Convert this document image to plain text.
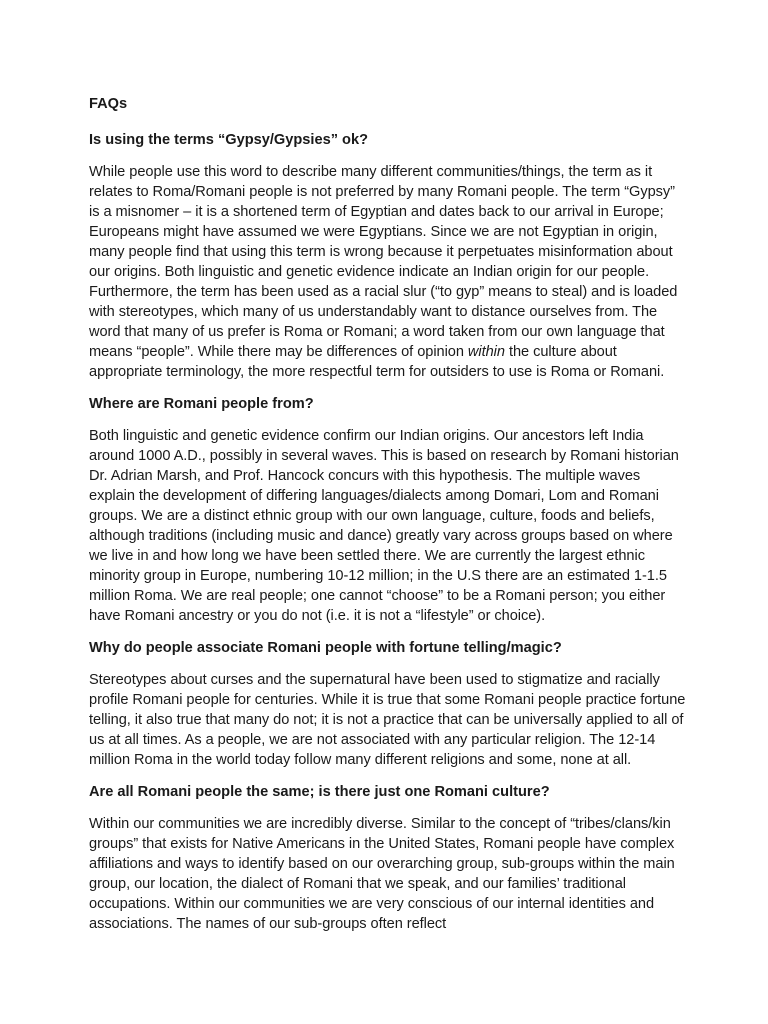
FAQs

Is using the terms “Gypsy/Gypsies” ok?

While people use this word to describe many different communities/things, the term as it relates to Roma/Romani people is not preferred by many Romani people. The term “Gypsy” is a misnomer – it is a shortened term of Egyptian and dates back to our arrival in Europe; Europeans might have assumed we were Egyptians. Since we are not Egyptian in origin, many people find that using this term is wrong because it perpetuates misinformation about our origins. Both linguistic and genetic evidence indicate an Indian origin for our people. Furthermore, the term has been used as a racial slur (“to gyp” means to steal) and is loaded with stereotypes, which many of us understandably want to distance ourselves from. The word that many of us prefer is Roma or Romani; a word taken from our own language that means “people”. While there may be differences of opinion within the culture about appropriate terminology, the more respectful term for outsiders to use is Roma or Romani.

Where are Romani people from?

Both linguistic and genetic evidence confirm our Indian origins. Our ancestors left India around 1000 A.D., possibly in several waves. This is based on research by Romani historian Dr. Adrian Marsh, and Prof. Hancock concurs with this hypothesis. The multiple waves explain the development of differing languages/dialects among Domari, Lom and Romani groups. We are a distinct ethnic group with our own language, culture, foods and beliefs, although traditions (including music and dance) greatly vary across groups based on where we live in and how long we have been settled there. We are currently the largest ethnic minority group in Europe, numbering 10-12 million; in the U.S there are an estimated 1-1.5 million Roma. We are real people; one cannot “choose” to be a Romani person; you either have Romani ancestry or you do not (i.e. it is not a “lifestyle” or choice).

Why do people associate Romani people with fortune telling/magic?

Stereotypes about curses and the supernatural have been used to stigmatize and racially profile Romani people for centuries. While it is true that some Romani people practice fortune telling, it also true that many do not; it is not a practice that can be universally applied to all of us at all times. As a people, we are not associated with any particular religion. The 12-14 million Roma in the world today follow many different religions and some, none at all.

Are all Romani people the same; is there just one Romani culture?

Within our communities we are incredibly diverse. Similar to the concept of “tribes/clans/kin groups” that exists for Native Americans in the United States, Romani people have complex affiliations and ways to identify based on our overarching group, sub-groups within the main group, our location, the dialect of Romani that we speak, and our families’ traditional occupations. Within our communities we are very conscious of our internal identities and associations. The names of our sub-groups often reflect
